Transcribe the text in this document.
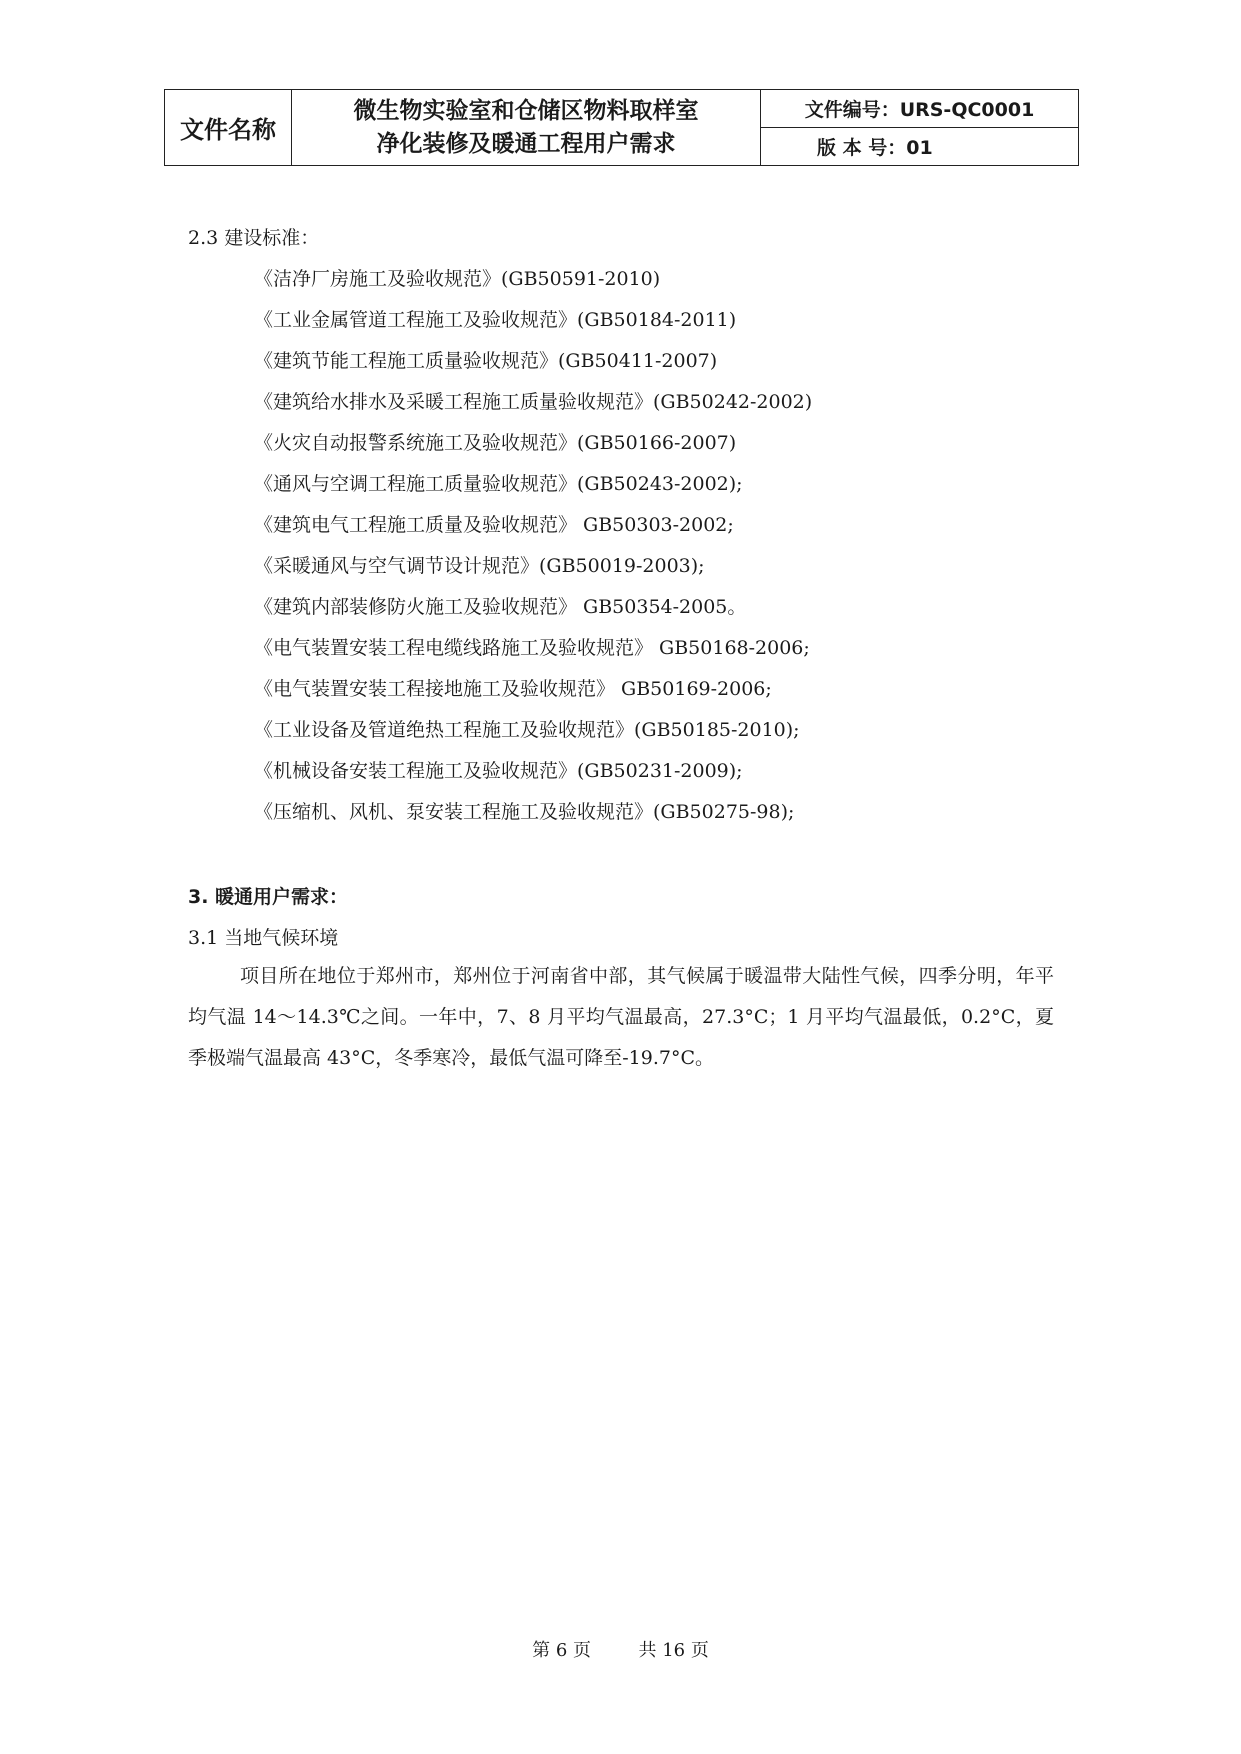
文件名称
微生物实验室和仓储区物料取样室
净化装修及暖通工程用户需求
文件编号：URS-QC0001
版 本 号：01
2.3 建设标准：
《洁净厂房施工及验收规范》(GB50591-2010)
《工业金属管道工程施工及验收规范》(GB50184-2011)
《建筑节能工程施工质量验收规范》(GB50411-2007)
《建筑给水排水及采暖工程施工质量验收规范》(GB50242-2002)
《火灾自动报警系统施工及验收规范》(GB50166-2007)
《通风与空调工程施工质量验收规范》(GB50243-2002);
《建筑电气工程施工质量及验收规范》 GB50303-2002;
《采暖通风与空气调节设计规范》(GB50019-2003);
《建筑内部装修防火施工及验收规范》 GB50354-2005。
《电气装置安装工程电缆线路施工及验收规范》 GB50168-2006;
《电气装置安装工程接地施工及验收规范》 GB50169-2006;
《工业设备及管道绝热工程施工及验收规范》(GB50185-2010);
《机械设备安装工程施工及验收规范》(GB50231-2009);
《压缩机、风机、泵安装工程施工及验收规范》(GB50275-98);
3. 暖通用户需求：
3.1 当地气候环境
项目所在地位于郑州市，郑州位于河南省中部，其气候属于暖温带大陆性气候，四季分明，年平均气温 14～14.3℃之间。一年中，7、8 月平均气温最高，27.3°C；1 月平均气温最低，0.2°C，夏季极端气温最高 43°C，冬季寒冷，最低气温可降至-19.7°C。
第 6 页	共 16 页
